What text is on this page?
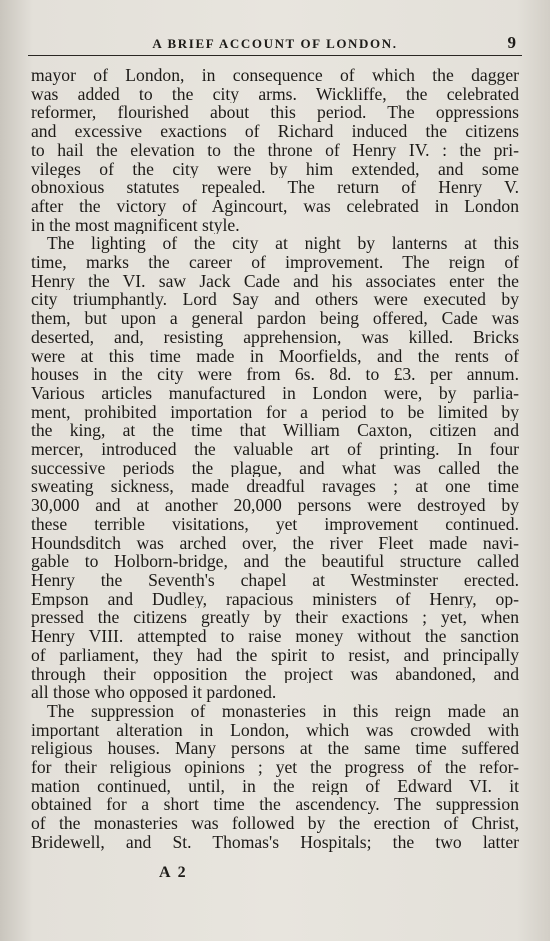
A BRIEF ACCOUNT OF LONDON.	9
mayor of London, in consequence of which the dagger
was added to the city arms. Wickliffe, the celebrated
reformer, flourished about this period. The oppressions
and excessive exactions of Richard induced the citizens
to hail the elevation to the throne of Henry IV. : the pri-
vileges of the city were by him extended, and some
obnoxious statutes repealed. The return of Henry V.
after the victory of Agincourt, was celebrated in London
in the most magnificent style.
The lighting of the city at night by lanterns at this
time, marks the career of improvement. The reign of
Henry the VI. saw Jack Cade and his associates enter the
city triumphantly. Lord Say and others were executed by
them, but upon a general pardon being offered, Cade was
deserted, and, resisting apprehension, was killed. Bricks
were at this time made in Moorfields, and the rents of
houses in the city were from 6s. 8d. to £3. per annum.
Various articles manufactured in London were, by parlia-
ment, prohibited importation for a period to be limited by
the king, at the time that William Caxton, citizen and
mercer, introduced the valuable art of printing. In four
successive periods the plague, and what was called the
sweating sickness, made dreadful ravages ; at one time
30,000 and at another 20,000 persons were destroyed by
these terrible visitations, yet improvement continued.
Houndsditch was arched over, the river Fleet made navi-
gable to Holborn-bridge, and the beautiful structure called
Henry the Seventh's chapel at Westminster erected.
Empson and Dudley, rapacious ministers of Henry, op-
pressed the citizens greatly by their exactions ; yet, when
Henry VIII. attempted to raise money without the sanction
of parliament, they had the spirit to resist, and principally
through their opposition the project was abandoned, and
all those who opposed it pardoned.
The suppression of monasteries in this reign made an
important alteration in London, which was crowded with
religious houses. Many persons at the same time suffered
for their religious opinions ; yet the progress of the refor-
mation continued, until, in the reign of Edward VI. it
obtained for a short time the ascendency. The suppression
of the monasteries was followed by the erection of Christ,
Bridewell, and St. Thomas's Hospitals; the two latter
A 2
